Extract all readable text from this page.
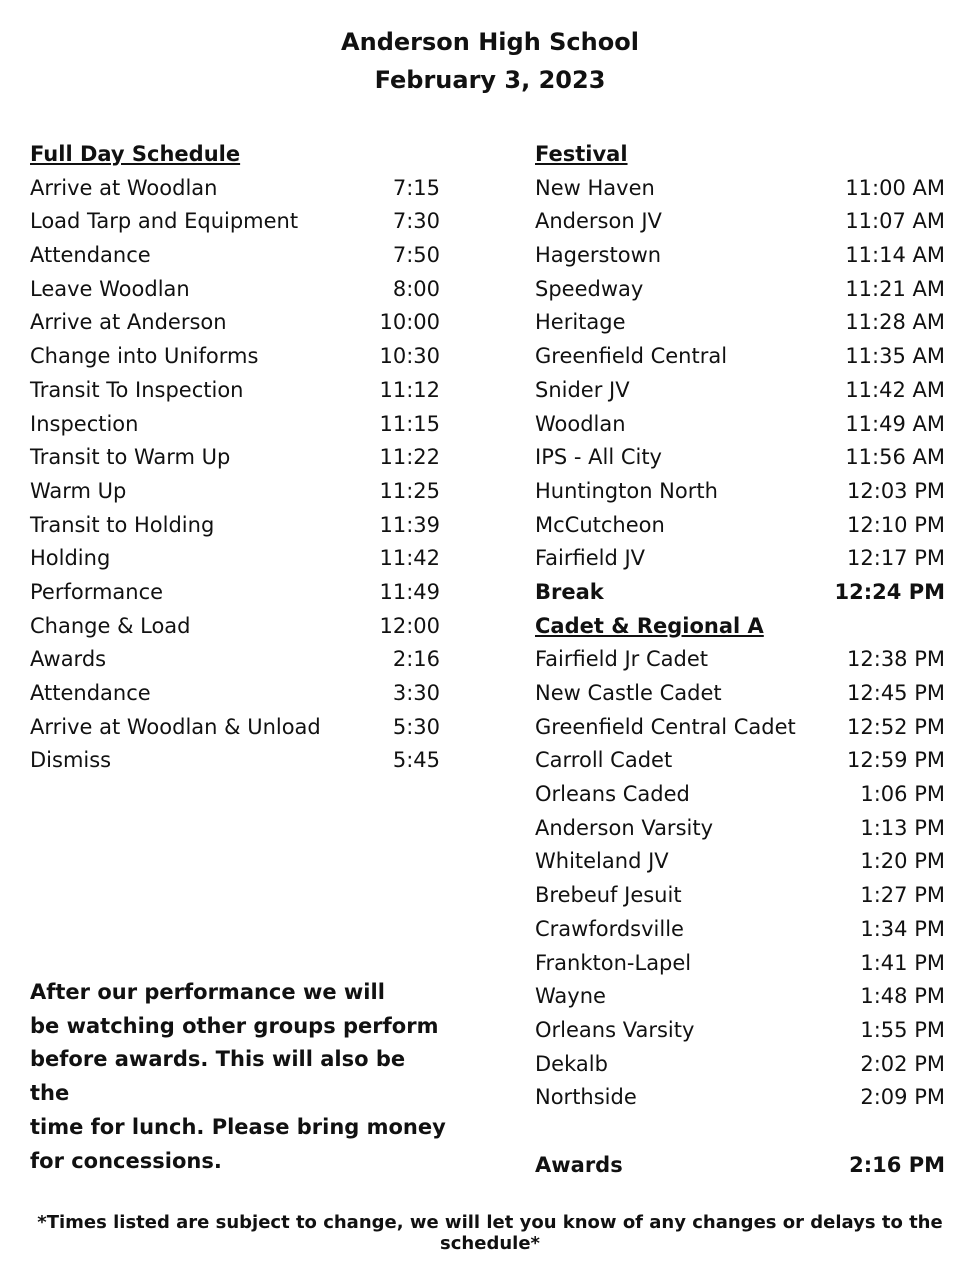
Anderson High School
February 3, 2023
Full Day Schedule
Arrive at Woodlan	7:15
Load Tarp and Equipment	7:30
Attendance	7:50
Leave Woodlan	8:00
Arrive at Anderson	10:00
Change into Uniforms	10:30
Transit To Inspection	11:12
Inspection	11:15
Transit to Warm Up	11:22
Warm Up	11:25
Transit to Holding	11:39
Holding	11:42
Performance	11:49
Change & Load	12:00
Awards	2:16
Attendance	3:30
Arrive at Woodlan & Unload	5:30
Dismiss	5:45
Festival
New Haven	11:00 AM
Anderson JV	11:07 AM
Hagerstown	11:14 AM
Speedway	11:21 AM
Heritage	11:28 AM
Greenfield Central	11:35 AM
Snider JV	11:42 AM
Woodlan	11:49 AM
IPS - All City	11:56 AM
Huntington North	12:03 PM
McCutcheon	12:10 PM
Fairfield JV	12:17 PM
Break	12:24 PM
Cadet & Regional A
Fairfield Jr Cadet	12:38 PM
New Castle Cadet	12:45 PM
Greenfield Central Cadet 12:52 PM
Carroll Cadet	12:59 PM
Orleans Caded	1:06 PM
Anderson Varsity	1:13 PM
Whiteland JV	1:20 PM
Brebeuf Jesuit	1:27 PM
Crawfordsville	1:34 PM
Frankton-Lapel	1:41 PM
Wayne	1:48 PM
Orleans Varsity	1:55 PM
Dekalb	2:02 PM
Northside	2:09 PM
Awards	2:16 PM
After our performance we will
be watching other groups perform
before awards. This will also be the
time for lunch. Please bring money
for concessions.
*Times listed are subject to change, we will let you know of any changes or delays to the schedule*
